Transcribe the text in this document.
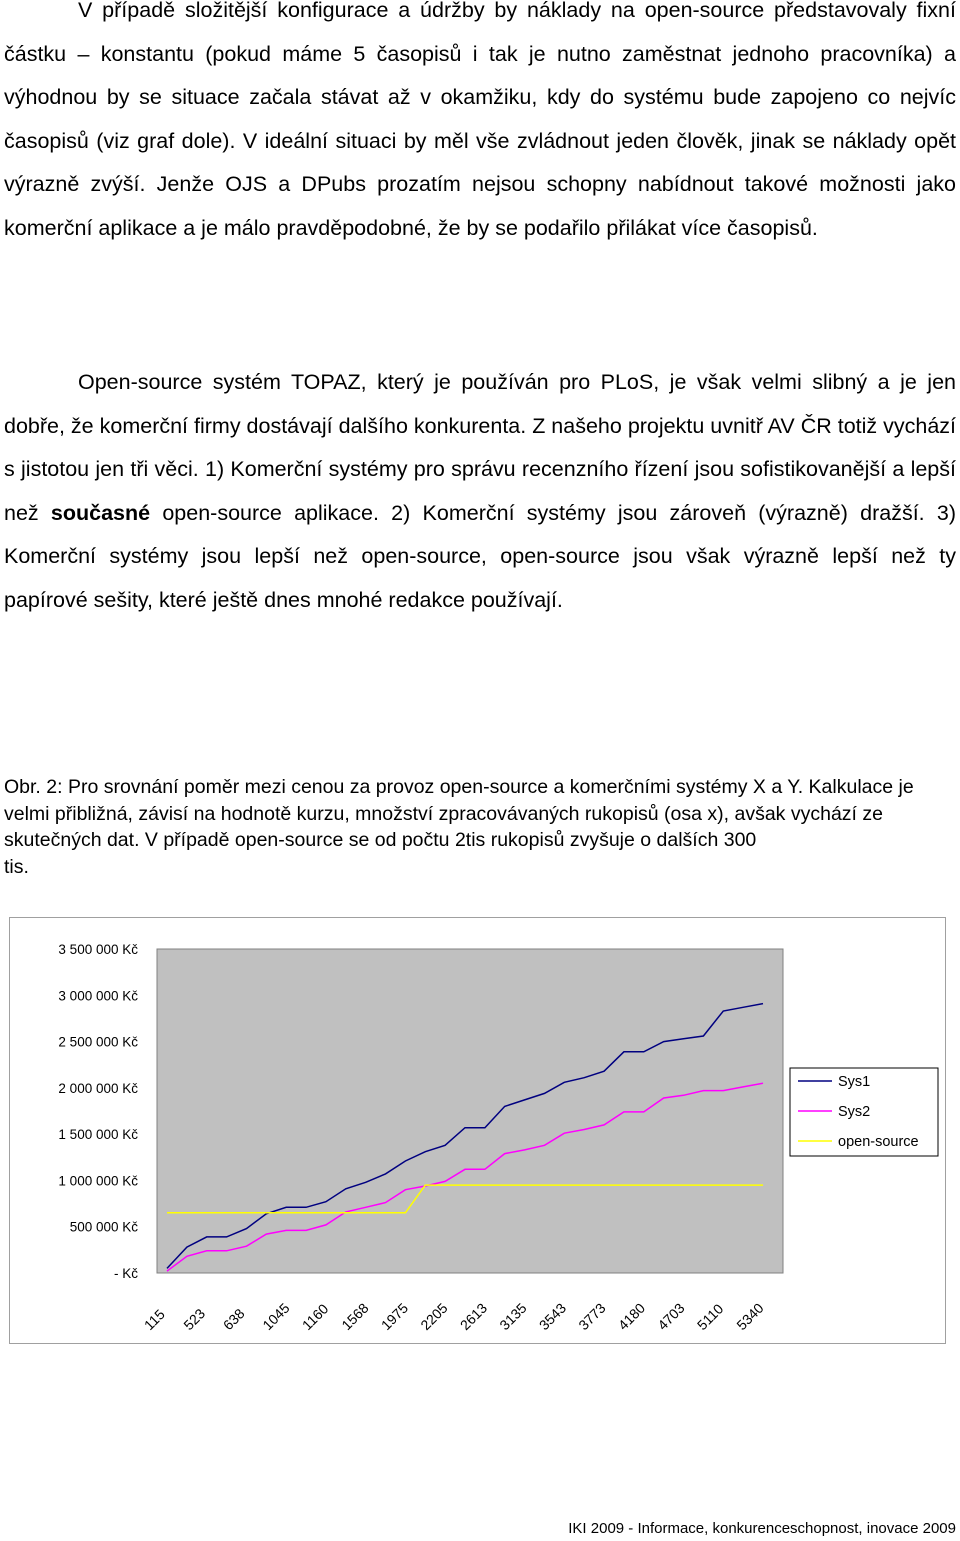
V případě složitější konfigurace a údržby by náklady na open-source představovaly fixní částku – konstantu (pokud máme 5 časopisů i tak je nutno zaměstnat jednoho pracovníka) a výhodnou by se situace začala stávat až v okamžiku, kdy do systému bude zapojeno co nejvíc časopisů (viz graf dole). V ideální situaci by měl vše zvládnout jeden člověk, jinak se náklady opět výrazně zvýší. Jenže OJS a DPubs prozatím nejsou schopny nabídnout takové možnosti jako komerční aplikace a je málo pravděpodobné, že by se podařilo přilákat více časopisů.

Open-source systém TOPAZ, který je používán pro PLoS, je však velmi slibný a je jen dobře, že komerční firmy dostávají dalšího konkurenta. Z našeho projektu uvnitř AV ČR totiž vychází s jistotou jen tři věci. 1) Komerční systémy pro správu recenzního řízení jsou sofistikovanější a lepší než současné open-source aplikace. 2) Komerční systémy jsou zároveň (výrazně) dražší. 3) Komerční systémy jsou lepší než open-source, open-source jsou však výrazně lepší než ty papírové sešity, které ještě dnes mnohé redakce používají.

Obr. 2: Pro srovnání poměr mezi cenou za provoz open-source a komerčními systémy X a Y. Kalkulace je velmi přibližná, závisí na hodnotě kurzu, množství zpracovávaných rukopisů (osa x), avšak vychází ze skutečných dat. V případě open-source se od počtu 2tis rukopisů zvyšuje o dalších 300
tis.
- Kč
500 000 Kč
1 000 000 Kč
1 500 000 Kč
2 000 000 Kč
2 500 000 Kč
3 000 000 Kč
3 500 000 Kč
115 523 638 1045 1160 1568 1975 2205 2613 3135 3543 3773 4180 4703 5110 5340
Sys1
Sys2
open-source
IKI 2009 - Informace, konkurenceschopnost, inovace 2009
